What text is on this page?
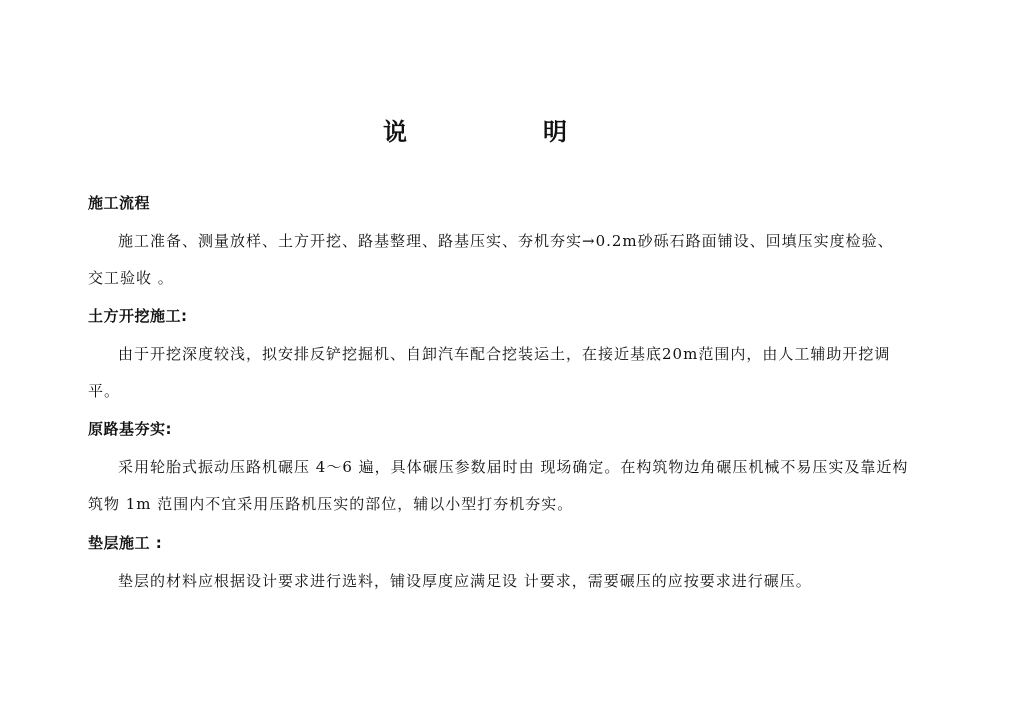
说	明
施工流程
施工准备、测量放样、土方开挖、路基整理、路基压实、夯机夯实→0.2m砂砾石路面铺设、回填压实度检验、
交工验收 。
土方开挖施工:
由于开挖深度较浅，拟安排反铲挖掘机、自卸汽车配合挖装运土，在接近基底20m范围内，由人工辅助开挖调
平。
原路基夯实:
采用轮胎式振动压路机碾压 4～6 遍，具体碾压参数届时由 现场确定。在构筑物边角碾压机械不易压实及靠近构
筑物 1m 范围内不宜采用压路机压实的部位，辅以小型打夯机夯实。
垫层施工 :
垫层的材料应根据设计要求进行选料，铺设厚度应满足设 计要求，需要碾压的应按要求进行碾压。
